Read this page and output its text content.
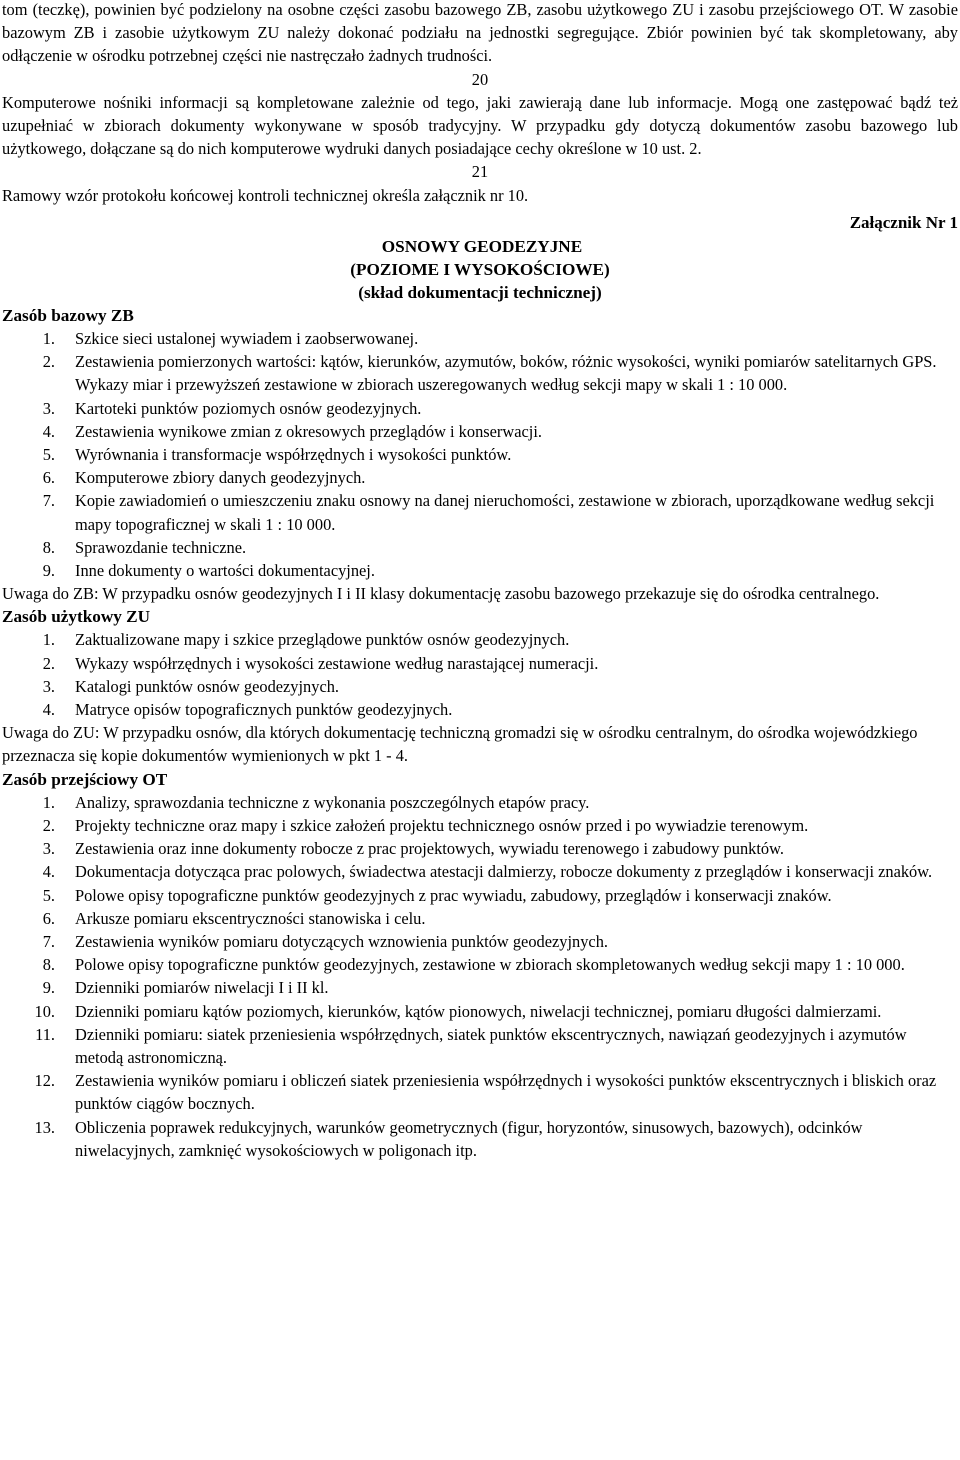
tom (teczkę), powinien być podzielony na osobne części zasobu bazowego ZB, zasobu użytkowego ZU i zasobu przejściowego OT. W zasobie bazowym ZB i zasobie użytkowym ZU należy dokonać podziału na jednostki segregujące. Zbiór powinien być tak skompletowany, aby odłączenie w ośrodku potrzebnej części nie nastręczało żadnych trudności.

20

Komputerowe nośniki informacji są kompletowane zależnie od tego, jaki zawierają dane lub informacje. Mogą one zastępować bądź też uzupełniać w zbiorach dokumenty wykonywane w sposób tradycyjny. W przypadku gdy dotyczą dokumentów zasobu bazowego lub użytkowego, dołączane są do nich komputerowe wydruki danych posiadające cechy określone w 10 ust. 2.

21

Ramowy wzór protokołu końcowej kontroli technicznej określa załącznik nr 10.

Załącznik Nr 1

OSNOWY GEODEZYJNE

(POZIOME I WYSOKOŚCIOWE)

(skład dokumentacji technicznej)

Zasób bazowy ZB

1. Szkice sieci ustalonej wywiadem i zaobserwowanej.
2. Zestawienia pomierzonych wartości: kątów, kierunków, azymutów, boków, różnic wysokości, wyniki pomiarów satelitarnych GPS. Wykazy miar i przewyższeń zestawione w zbiorach uszeregowanych według sekcji mapy w skali 1 : 10 000.
3. Kartoteki punktów poziomych osnów geodezyjnych.
4. Zestawienia wynikowe zmian z okresowych przeglądów i konserwacji.
5. Wyrównania i transformacje współrzędnych i wysokości punktów.
6. Komputerowe zbiory danych geodezyjnych.
7. Kopie zawiadomień o umieszczeniu znaku osnowy na danej nieruchomości, zestawione w zbiorach, uporządkowane według sekcji mapy topograficznej w skali 1 : 10 000.
8. Sprawozdanie techniczne.
9. Inne dokumenty o wartości dokumentacyjnej.

Uwaga do ZB: W przypadku osnów geodezyjnych I i II klasy dokumentację zasobu bazowego przekazuje się do ośrodka centralnego.

Zasób użytkowy ZU

1. Zaktualizowane mapy i szkice przeglądowe punktów osnów geodezyjnych.
2. Wykazy współrzędnych i wysokości zestawione według narastającej numeracji.
3. Katalogi punktów osnów geodezyjnych.
4. Matryce opisów topograficznych punktów geodezyjnych.

Uwaga do ZU: W przypadku osnów, dla których dokumentację techniczną gromadzi się w ośrodku centralnym, do ośrodka wojewódzkiego przeznacza się kopie dokumentów wymienionych w pkt 1 - 4.

Zasób przejściowy OT

1. Analizy, sprawozdania techniczne z wykonania poszczególnych etapów pracy.
2. Projekty techniczne oraz mapy i szkice założeń projektu technicznego osnów przed i po wywiadzie terenowym.
3. Zestawienia oraz inne dokumenty robocze z prac projektowych, wywiadu terenowego i zabudowy punktów.
4. Dokumentacja dotycząca prac polowych, świadectwa atestacji dalmierzy, robocze dokumenty z przeglądów i konserwacji znaków.
5. Polowe opisy topograficzne punktów geodezyjnych z prac wywiadu, zabudowy, przeglądów i konserwacji znaków.
6. Arkusze pomiaru ekscentryczności stanowiska i celu.
7. Zestawienia wyników pomiaru dotyczących wznowienia punktów geodezyjnych.
8. Polowe opisy topograficzne punktów geodezyjnych, zestawione w zbiorach skompletowanych według sekcji mapy 1 : 10 000.
9. Dzienniki pomiarów niwelacji I i II kl.
10. Dzienniki pomiaru kątów poziomych, kierunków, kątów pionowych, niwelacji technicznej, pomiaru długości dalmierzami.
11. Dzienniki pomiaru: siatek przeniesienia współrzędnych, siatek punktów ekscentrycznych, nawiązań geodezyjnych i azymutów metodą astronomiczną.
12. Zestawienia wyników pomiaru i obliczeń siatek przeniesienia współrzędnych i wysokości punktów ekscentrycznych i bliskich oraz punktów ciągów bocznych.
13. Obliczenia poprawek redukcyjnych, warunków geometrycznych (figur, horyzontów, sinusowych, bazowych), odcinków niwelacyjnych, zamknięć wysokościowych w poligonach itp.
